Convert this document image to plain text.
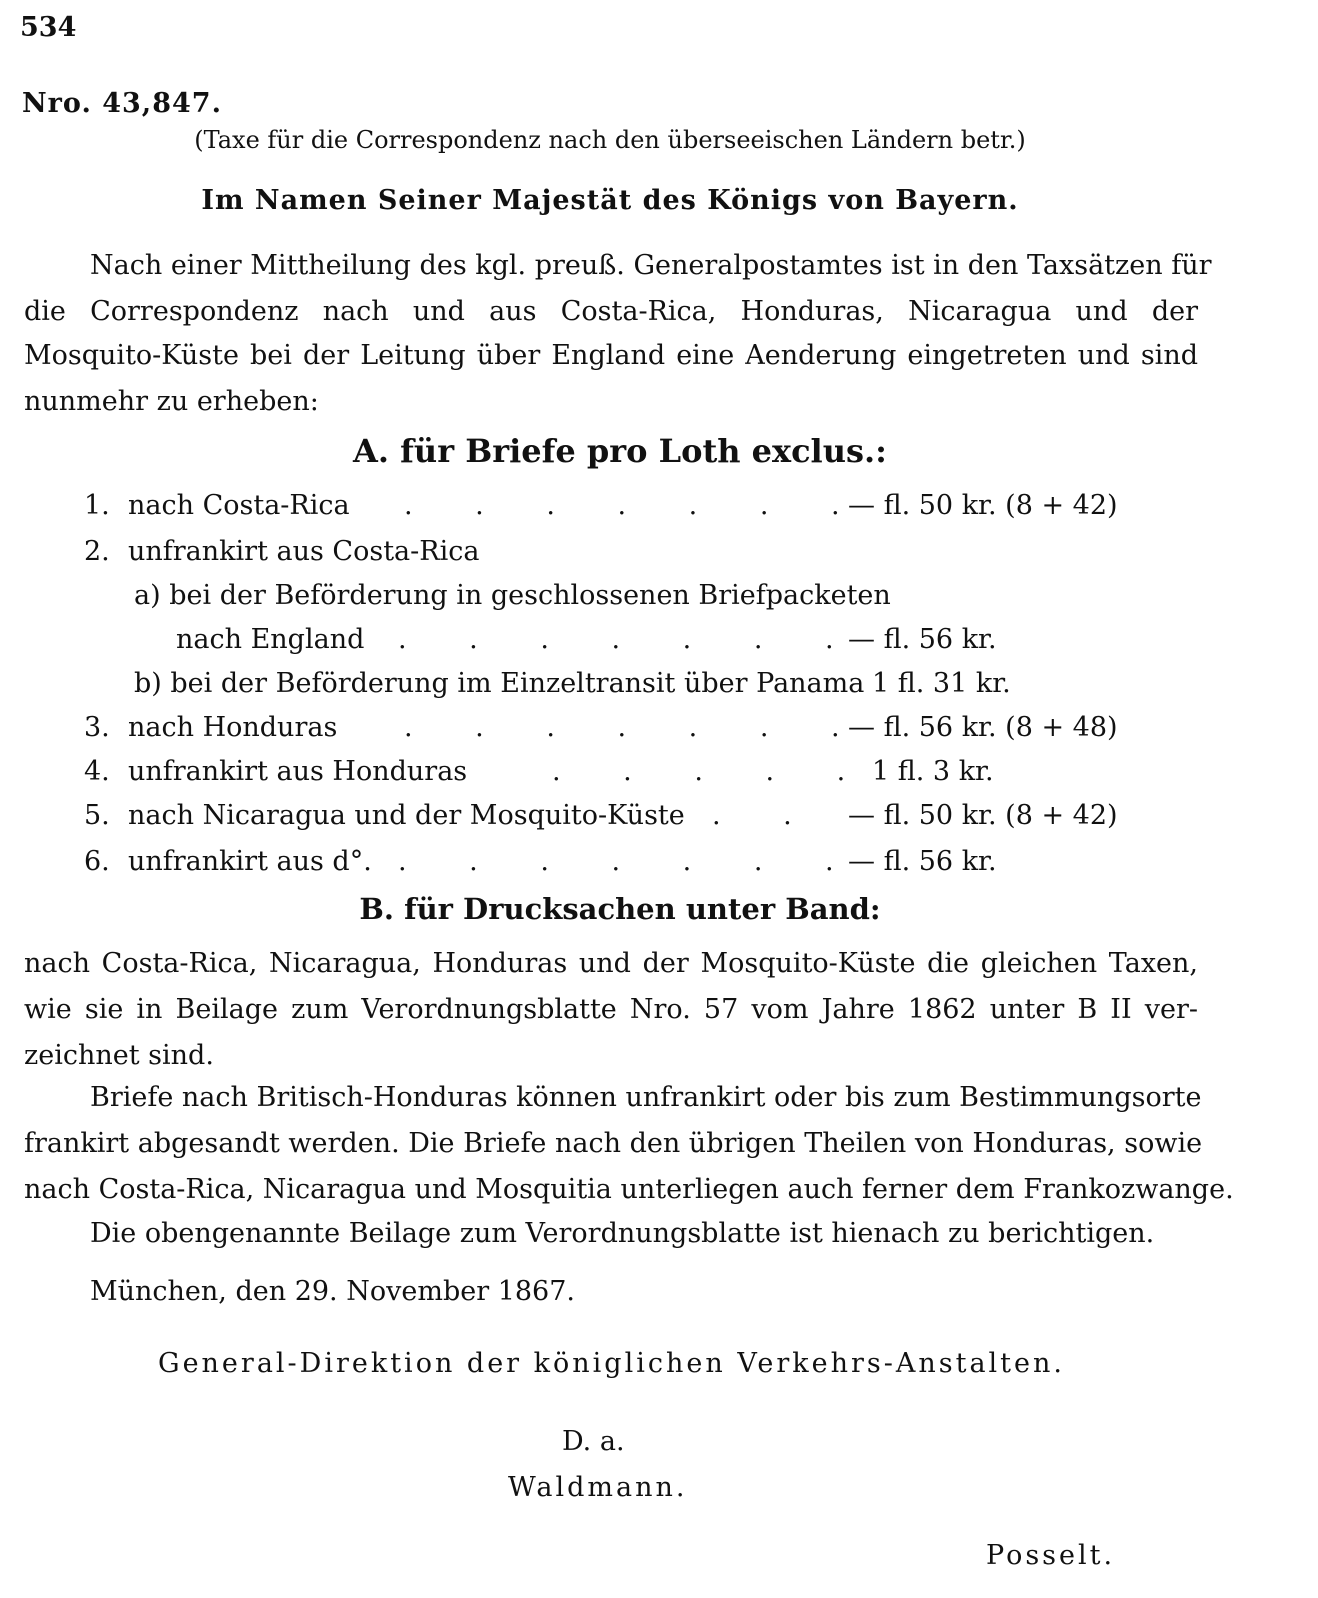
534
Nro. 43,847.
(Taxe für die Correspondenz nach den überseeischen Ländern betr.)
Im Namen Seiner Majestät des Königs von Bayern.
Nach einer Mittheilung des kgl. preuß. Generalpostamtes ist in den Taxsätzen für
die Correspondenz nach und aus Costa-Rica, Honduras, Nicaragua und der
Mosquito-Küste bei der Leitung über England eine Aenderung eingetreten und sind
nunmehr zu erheben:
A. für Briefe pro Loth exclus.:
1. nach Costa-Rica . . . . . . .
— fl. 50 kr. (8 + 42)
2. unfrankirt aus Costa-Rica
a) bei der Beförderung in geschlossenen Briefpacketen
nach England . . . . . . .
— fl. 56 kr.
b) bei der Beförderung im Einzeltransit über Panama 1 fl. 31 kr.
3. nach Honduras . . . . . . .
— fl. 56 kr. (8 + 48)
4. unfrankirt aus Honduras	. . . . . 1 fl. 3 kr.
5. nach Nicaragua und der Mosquito-Küste . . — fl. 50 kr. (8 + 42)
6. unfrankirt aus d°. . . . . . . .
— fl. 56 kr.
B. für Drucksachen unter Band:
nach Costa-Rica, Nicaragua, Honduras und der Mosquito-Küste die gleichen Taxen,
wie sie in Beilage zum Verordnungsblatte Nro. 57 vom Jahre 1862 unter B II ver-
zeichnet sind.
Briefe nach Britisch-Honduras können unfrankirt oder bis zum Bestimmungsorte
frankirt abgesandt werden. Die Briefe nach den übrigen Theilen von Honduras, sowie
nach Costa-Rica, Nicaragua und Mosquitia unterliegen auch ferner dem Frankozwange.
Die obengenannte Beilage zum Verordnungsblatte ist hienach zu berichtigen.
München, den 29. November 1867.
General-Direktion der königlichen Verkehrs-Anstalten.
D. a.
Waldmann.
Posselt.
